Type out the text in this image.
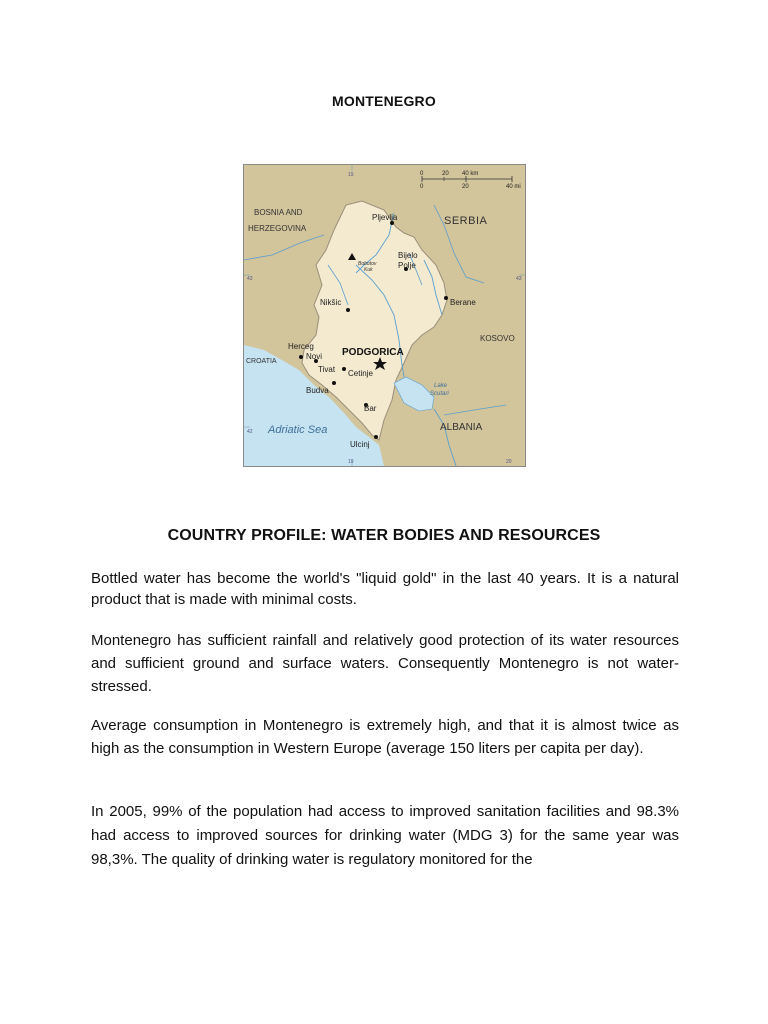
MONTENEGRO
43	43
42
19
19	20
0	20 40 km
0	20	40 mi
BOSNIA AND
HERZEGOVINA
SERBIA
KOSOVO
CROATIA
ALBANIA
Adriatic Sea
Lake
Scutari
Bobotov
Kuk
Pljevlja
Bijelo
Polje
Nikšic	Berane
PODGORICA
Herceg
Novi
Tivat Cetinje
Budva
Bar
Ulcinj
COUNTRY PROFILE: WATER BODIES AND RESOURCES

Bottled water has become the world's "liquid gold" in the last 40 years. It is a natural product that is made with minimal costs.

Montenegro has sufficient rainfall and relatively good protection of its water resources and sufficient ground and surface waters. Consequently Montenegro is not water-stressed.

Average consumption in Montenegro is extremely high, and that it is almost twice as high as the consumption in Western Europe (average 150 liters per capita per day).

In 2005, 99% of the population had access to improved sanitation facilities and 98.3% had access to improved sources for drinking water (MDG 3) for the same year was 98,3%. The quality of drinking water is regulatory monitored for the
